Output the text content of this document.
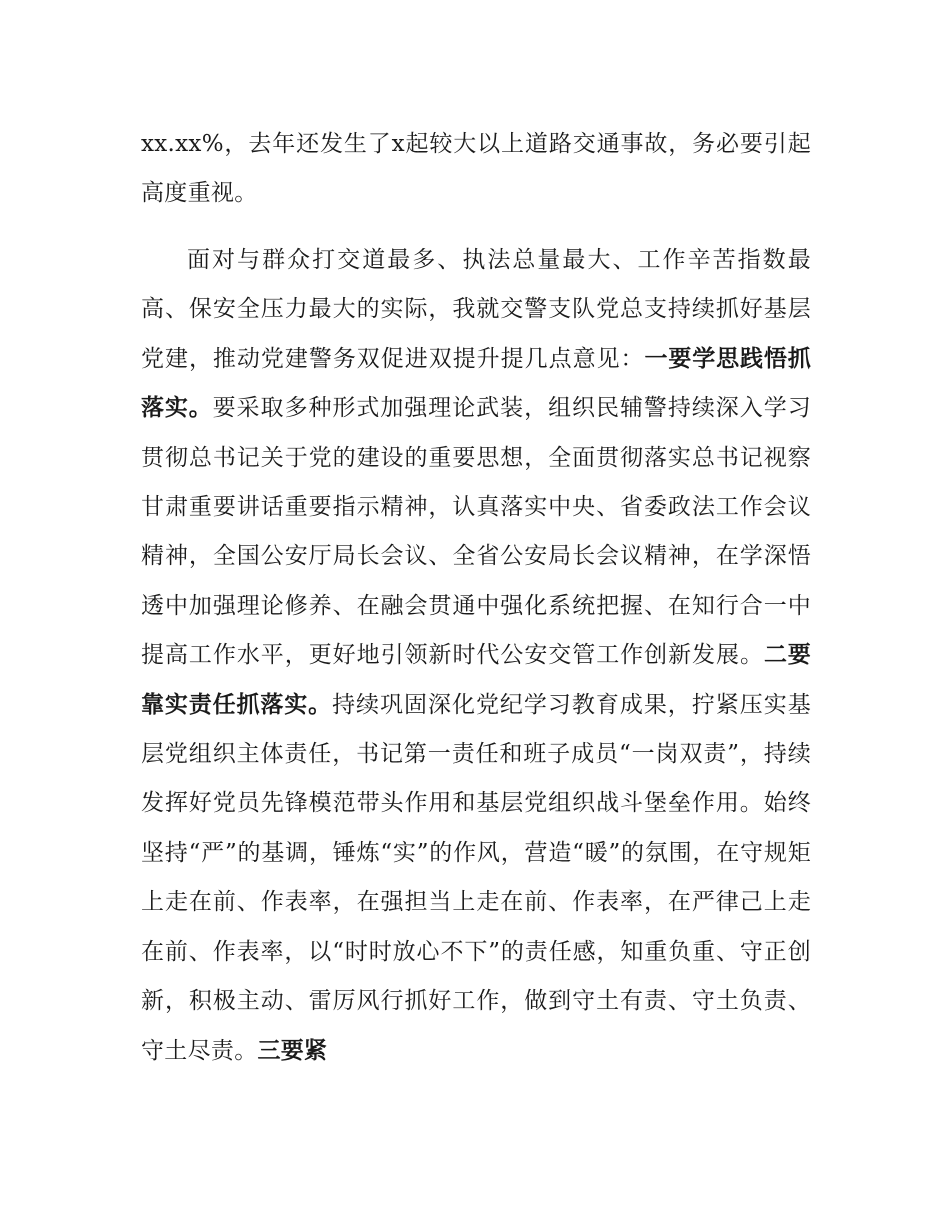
xx.xx%，去年还发生了x起较大以上道路交通事故，务必要引起高度重视。
面对与群众打交道最多、执法总量最大、工作辛苦指数最高、保安全压力最大的实际，我就交警支队党总支持续抓好基层党建，推动党建警务双促进双提升提几点意见：一要学思践悟抓落实。要采取多种形式加强理论武装，组织民辅警持续深入学习贯彻总书记关于党的建设的重要思想，全面贯彻落实总书记视察甘肃重要讲话重要指示精神，认真落实中央、省委政法工作会议精神，全国公安厅局长会议、全省公安局长会议精神，在学深悟透中加强理论修养、在融会贯通中强化系统把握、在知行合一中提高工作水平，更好地引领新时代公安交管工作创新发展。二要靠实责任抓落实。持续巩固深化党纪学习教育成果，拧紧压实基层党组织主体责任，书记第一责任和班子成员“一岗双责”，持续发挥好党员先锋模范带头作用和基层党组织战斗堡垒作用。始终坚持“严”的基调，锤炼“实”的作风，营造“暖”的氛围，在守规矩上走在前、作表率，在强担当上走在前、作表率，在严律己上走在前、作表率，以“时时放心不下”的责任感，知重负重、守正创新，积极主动、雷厉风行抓好工作，做到守土有责、守土负责、守土尽责。三要紧
